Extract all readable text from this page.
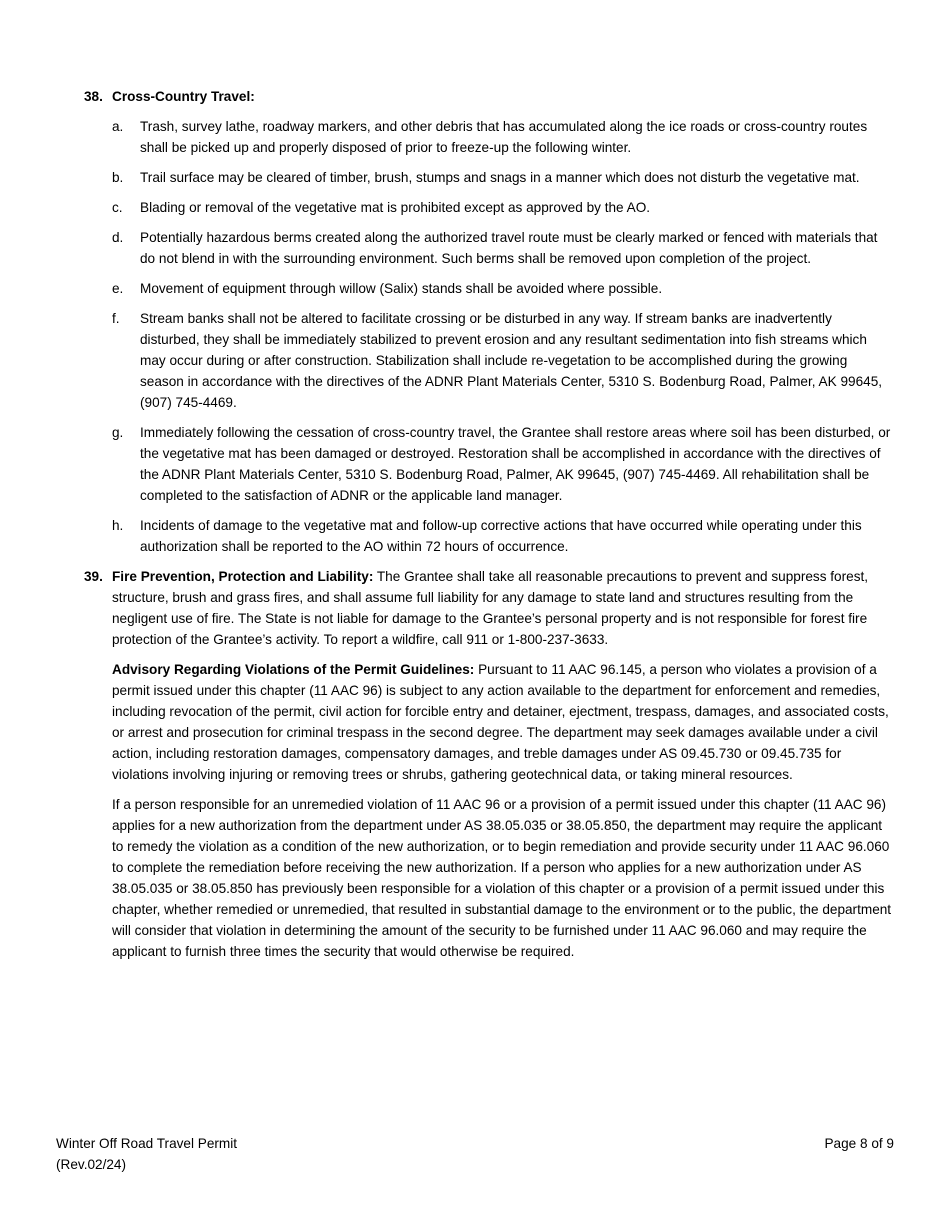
38. Cross-Country Travel:
a. Trash, survey lathe, roadway markers, and other debris that has accumulated along the ice roads or cross-country routes shall be picked up and properly disposed of prior to freeze-up the following winter.
b. Trail surface may be cleared of timber, brush, stumps and snags in a manner which does not disturb the vegetative mat.
c. Blading or removal of the vegetative mat is prohibited except as approved by the AO.
d. Potentially hazardous berms created along the authorized travel route must be clearly marked or fenced with materials that do not blend in with the surrounding environment. Such berms shall be removed upon completion of the project.
e. Movement of equipment through willow (Salix) stands shall be avoided where possible.
f. Stream banks shall not be altered to facilitate crossing or be disturbed in any way. If stream banks are inadvertently disturbed, they shall be immediately stabilized to prevent erosion and any resultant sedimentation into fish streams which may occur during or after construction. Stabilization shall include re-vegetation to be accomplished during the growing season in accordance with the directives of the ADNR Plant Materials Center, 5310 S. Bodenburg Road, Palmer, AK 99645, (907) 745-4469.
g. Immediately following the cessation of cross-country travel, the Grantee shall restore areas where soil has been disturbed, or the vegetative mat has been damaged or destroyed. Restoration shall be accomplished in accordance with the directives of the ADNR Plant Materials Center, 5310 S. Bodenburg Road, Palmer, AK 99645, (907) 745-4469. All rehabilitation shall be completed to the satisfaction of ADNR or the applicable land manager.
h. Incidents of damage to the vegetative mat and follow-up corrective actions that have occurred while operating under this authorization shall be reported to the AO within 72 hours of occurrence.
39. Fire Prevention, Protection and Liability: The Grantee shall take all reasonable precautions to prevent and suppress forest, structure, brush and grass fires, and shall assume full liability for any damage to state land and structures resulting from the negligent use of fire. The State is not liable for damage to the Grantee’s personal property and is not responsible for forest fire protection of the Grantee’s activity. To report a wildfire, call 911 or 1-800-237-3633.
Advisory Regarding Violations of the Permit Guidelines: Pursuant to 11 AAC 96.145, a person who violates a provision of a permit issued under this chapter (11 AAC 96) is subject to any action available to the department for enforcement and remedies, including revocation of the permit, civil action for forcible entry and detainer, ejectment, trespass, damages, and associated costs, or arrest and prosecution for criminal trespass in the second degree. The department may seek damages available under a civil action, including restoration damages, compensatory damages, and treble damages under AS 09.45.730 or 09.45.735 for violations involving injuring or removing trees or shrubs, gathering geotechnical data, or taking mineral resources.
If a person responsible for an unremedied violation of 11 AAC 96 or a provision of a permit issued under this chapter (11 AAC 96) applies for a new authorization from the department under AS 38.05.035 or 38.05.850, the department may require the applicant to remedy the violation as a condition of the new authorization, or to begin remediation and provide security under 11 AAC 96.060 to complete the remediation before receiving the new authorization. If a person who applies for a new authorization under AS 38.05.035 or 38.05.850 has previously been responsible for a violation of this chapter or a provision of a permit issued under this chapter, whether remedied or unremedied, that resulted in substantial damage to the environment or to the public, the department will consider that violation in determining the amount of the security to be furnished under 11 AAC 96.060 and may require the applicant to furnish three times the security that would otherwise be required.
Winter Off Road Travel Permit
(Rev.02/24)
Page 8 of 9
